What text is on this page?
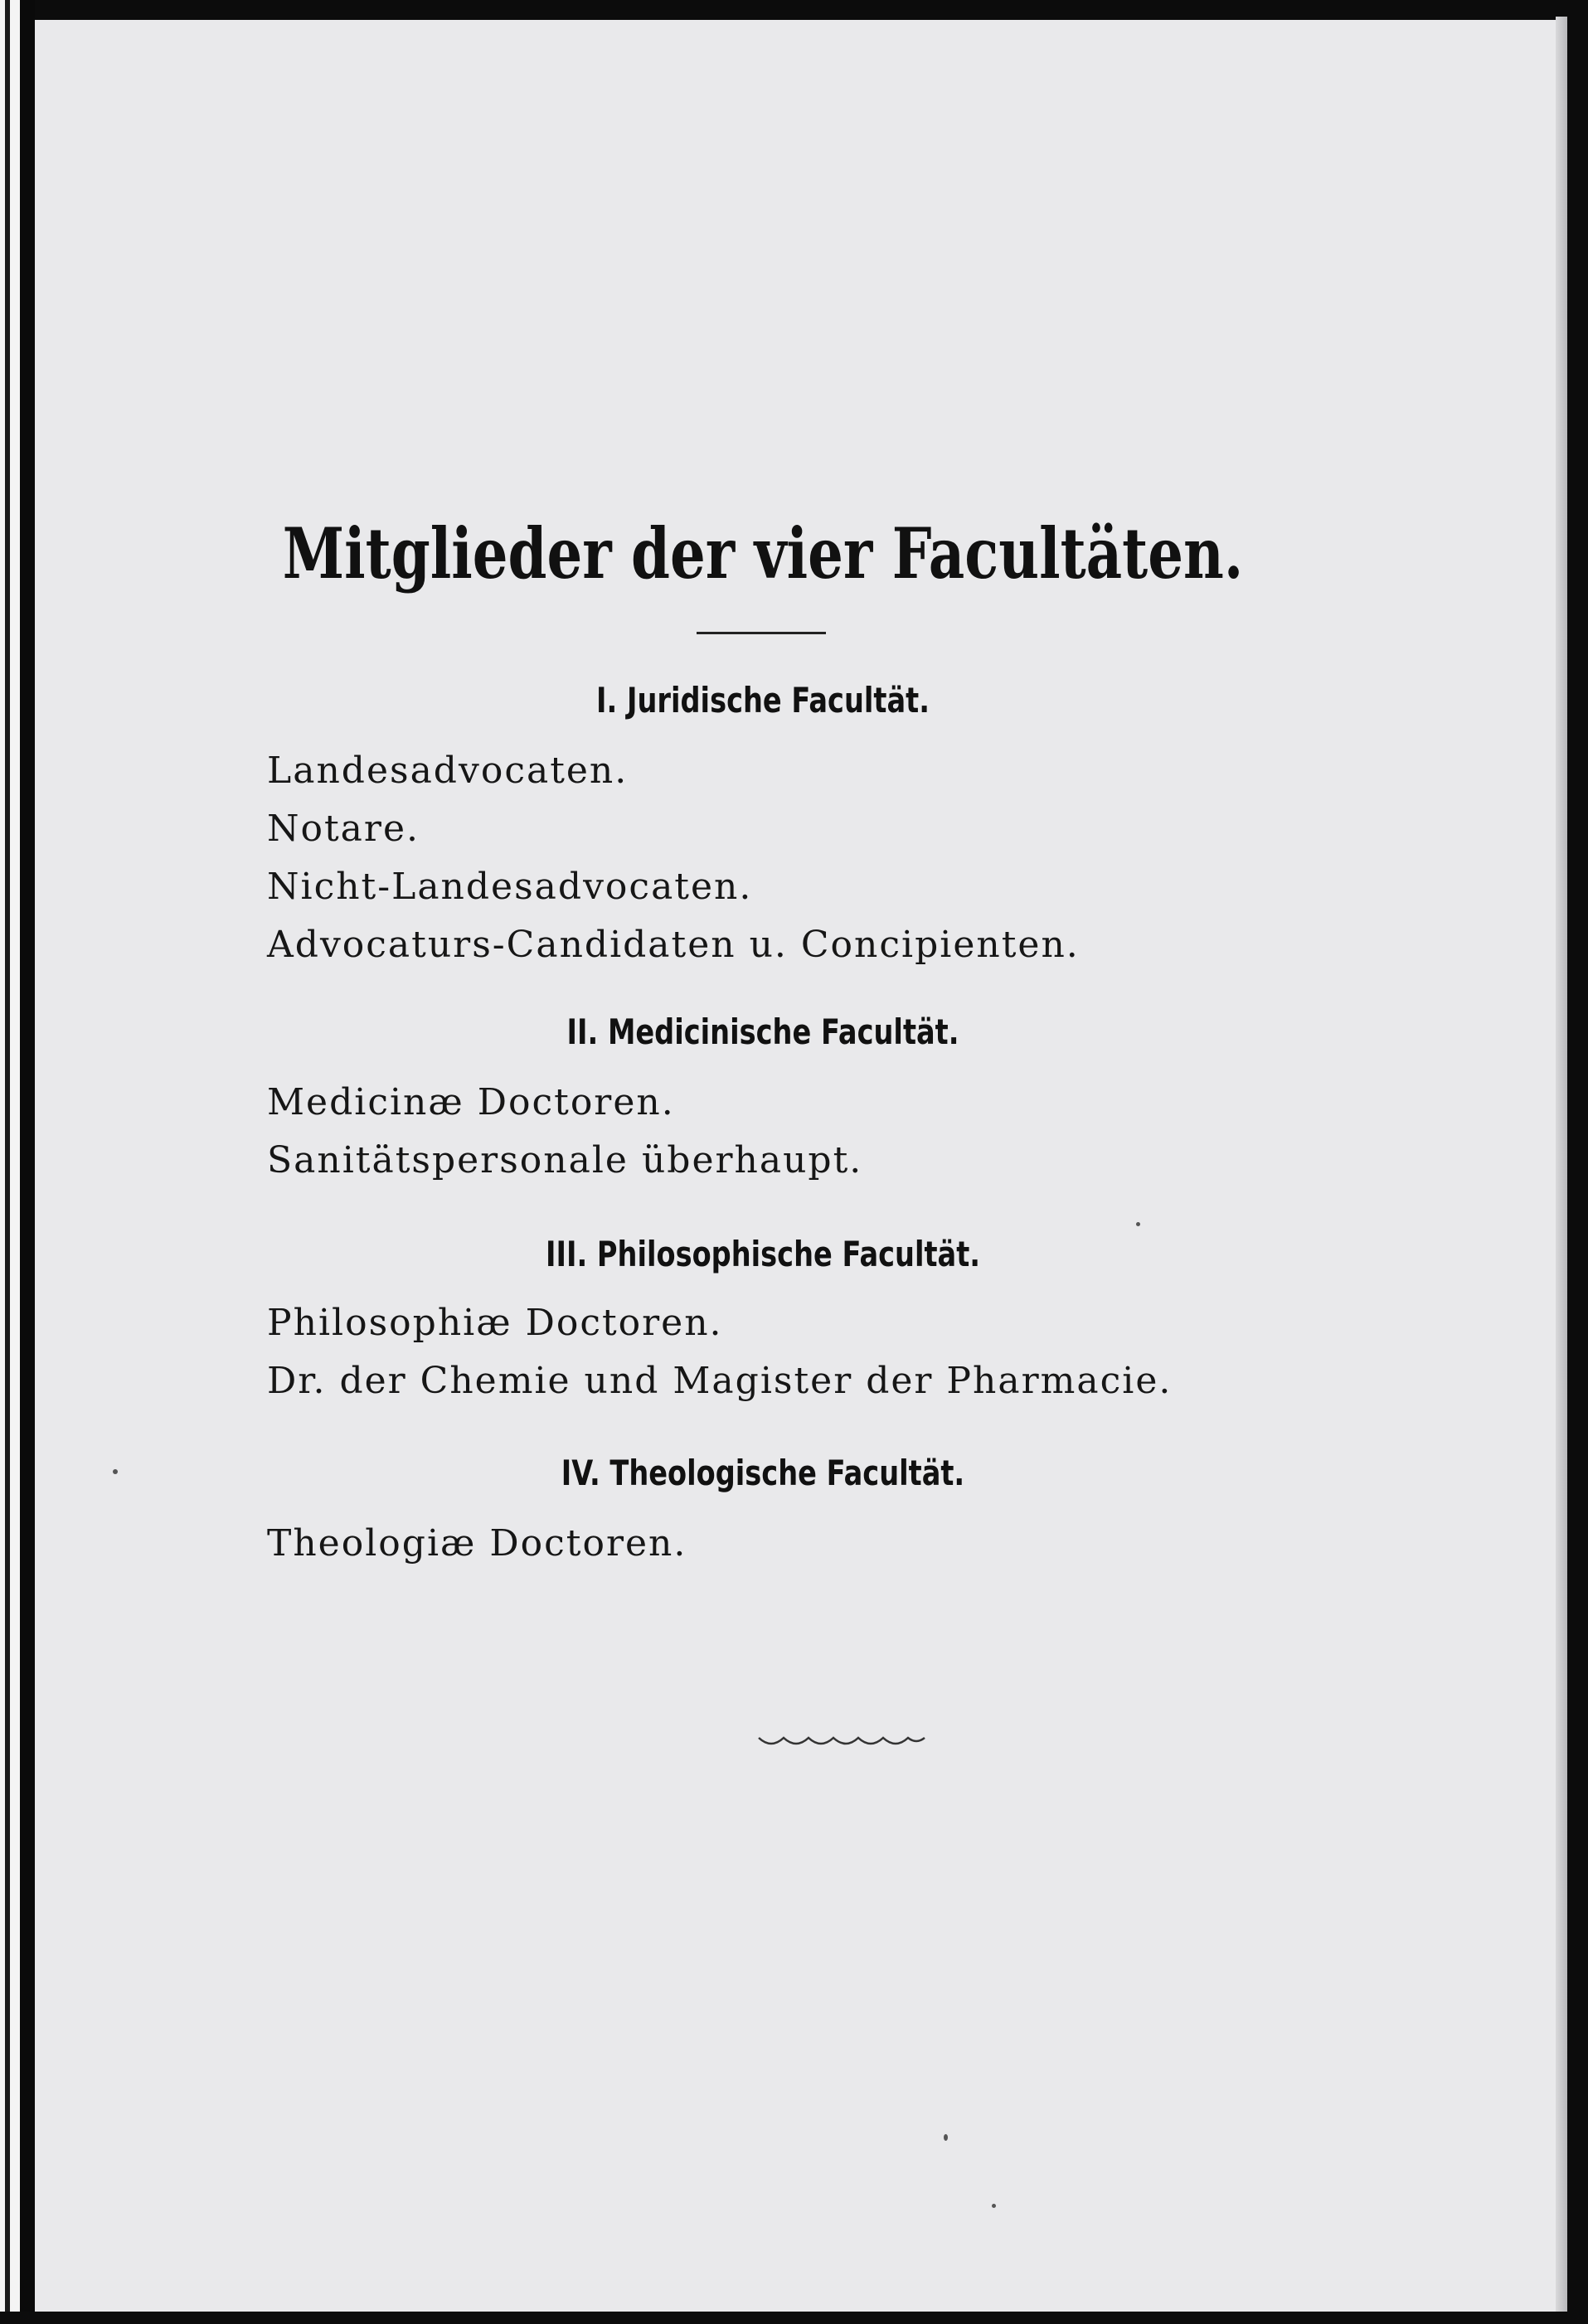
Mitglieder der vier Facultäten.
I. Juridische Facultät.
Landesadvocaten.
Notare.
Nicht-Landesadvocaten.
Advocaturs-Candidaten u. Concipienten.
II. Medicinische Facultät.
Medicinæ Doctoren.
Sanitätspersonale überhaupt.
III. Philosophische Facultät.
Philosophiæ Doctoren.
Dr. der Chemie und Magister der Pharmacie.
IV. Theologische Facultät.
Theologiæ Doctoren.
